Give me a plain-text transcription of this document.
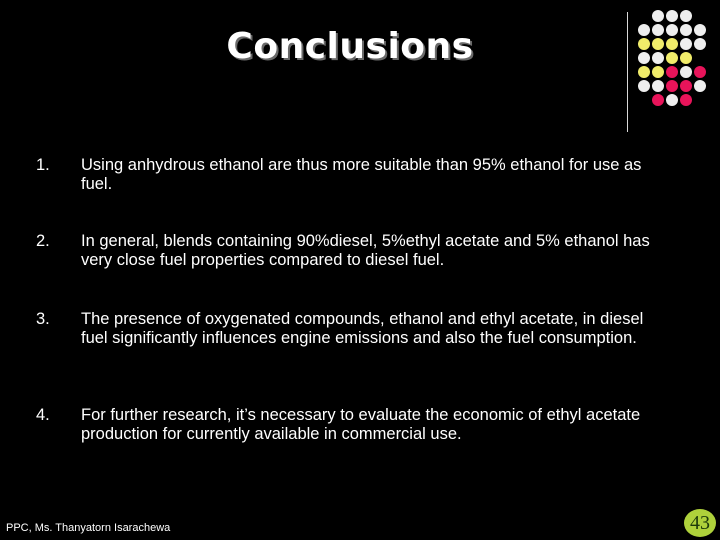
Conclusions
1.	Using anhydrous ethanol are thus more suitable than 95% ethanol for use as fuel.
2.	In general, blends containing 90%diesel, 5%ethyl acetate and 5% ethanol has very close fuel properties compared to diesel fuel.
3.	The presence of oxygenated compounds, ethanol and ethyl acetate, in diesel fuel significantly influences engine emissions and also the fuel consumption.
4.	For further research, it’s necessary to evaluate the economic of ethyl acetate production for currently available in commercial use.
PPC, Ms. Thanyatorn Isarachewa	43
